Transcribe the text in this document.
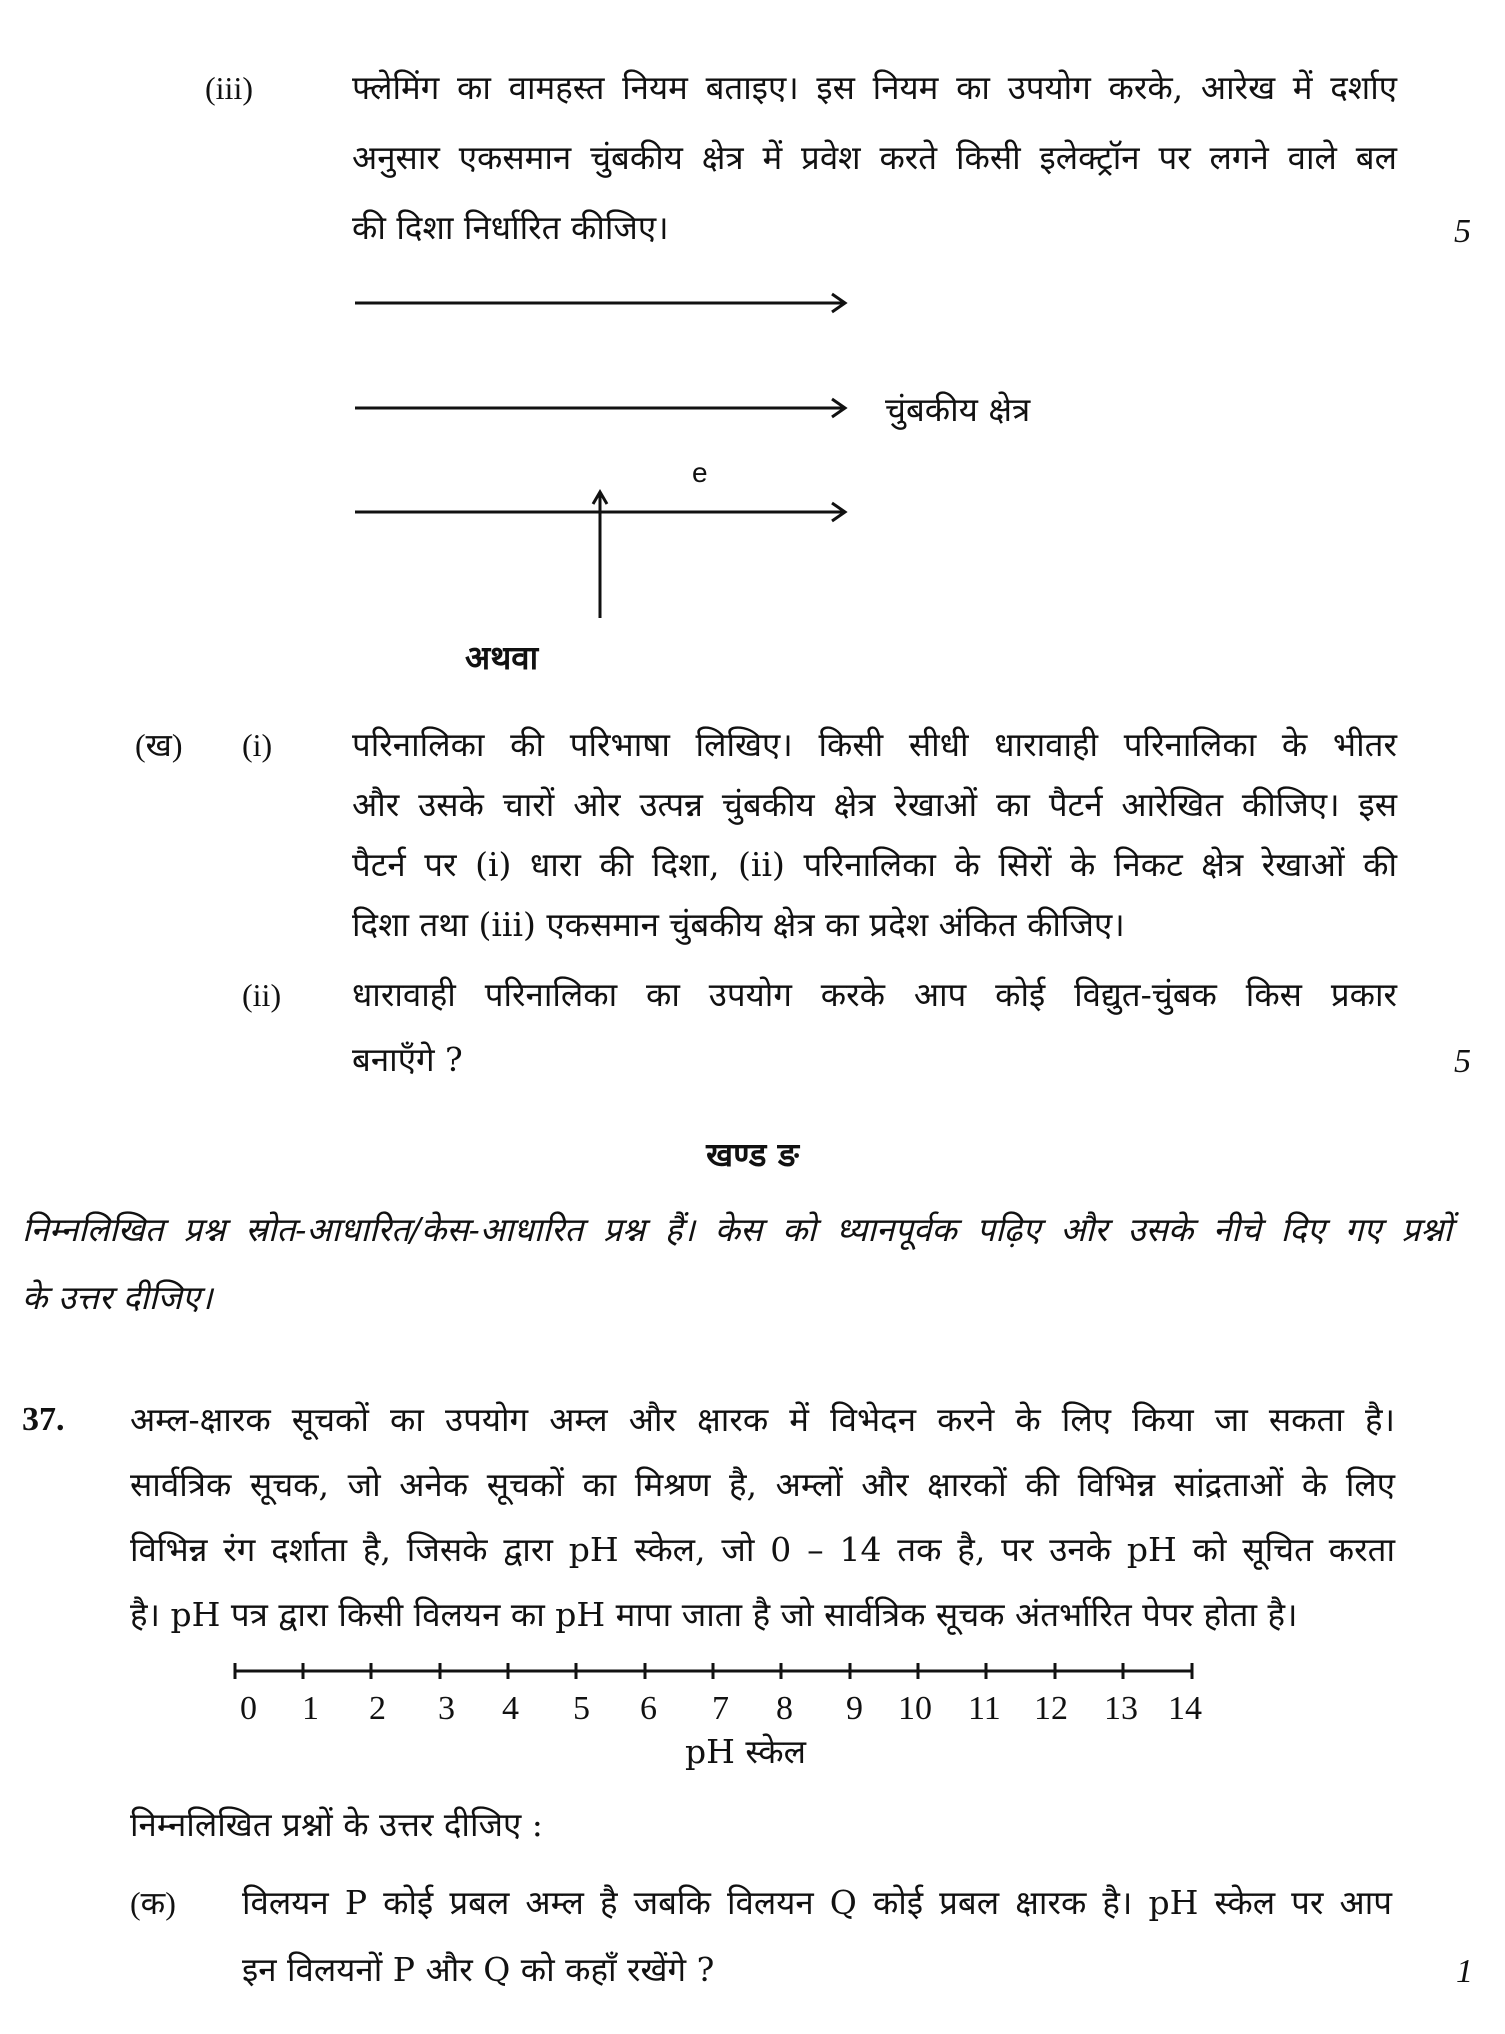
(iii)	फ्लेमिंग का वामहस्त नियम बताइए। इस नियम का उपयोग करके, आरेख में दर्शाए
अनुसार एकसमान चुंबकीय क्षेत्र में प्रवेश करते किसी इलेक्ट्रॉन पर लगने वाले बल
की दिशा निर्धारित कीजिए।	5
e
चुंबकीय क्षेत्र
अथवा
(ख) (i) परिनालिका की परिभाषा लिखिए। किसी सीधी धारावाही परिनालिका के भीतर
और उसके चारों ओर उत्पन्न चुंबकीय क्षेत्र रेखाओं का पैटर्न आरेखित कीजिए। इस
पैटर्न पर (i) धारा की दिशा, (ii) परिनालिका के सिरों के निकट क्षेत्र रेखाओं की
दिशा तथा (iii) एकसमान चुंबकीय क्षेत्र का प्रदेश अंकित कीजिए।
(ii) धारावाही परिनालिका का उपयोग करके आप कोई विद्युत-चुंबक किस प्रकार
बनाएँगे ?	5
खण्ड ङ
निम्नलिखित प्रश्न स्रोत-आधारित/केस-आधारित प्रश्न हैं। केस को ध्यानपूर्वक पढ़िए और उसके नीचे दिए गए प्रश्नों
के उत्तर दीजिए।
37. अम्ल-क्षारक सूचकों का उपयोग अम्ल और क्षारक में विभेदन करने के लिए किया जा सकता है।
सार्वत्रिक सूचक, जो अनेक सूचकों का मिश्रण है, अम्लों और क्षारकों की विभिन्न सांद्रताओं के लिए
विभिन्न रंग दर्शाता है, जिसके द्वारा pH स्केल, जो 0 – 14 तक है, पर उनके pH को सूचित करता
है। pH पत्र द्वारा किसी विलयन का pH मापा जाता है जो सार्वत्रिक सूचक अंतर्भारित पेपर होता है।
0 1 2 3 4 5 6 7 8 9 10 11 12 13 14
pH स्केल
निम्नलिखित प्रश्नों के उत्तर दीजिए :
(क) विलयन P कोई प्रबल अम्ल है जबकि विलयन Q कोई प्रबल क्षारक है। pH स्केल पर आप
इन विलयनों P और Q को कहाँ रखेंगे ?	1
